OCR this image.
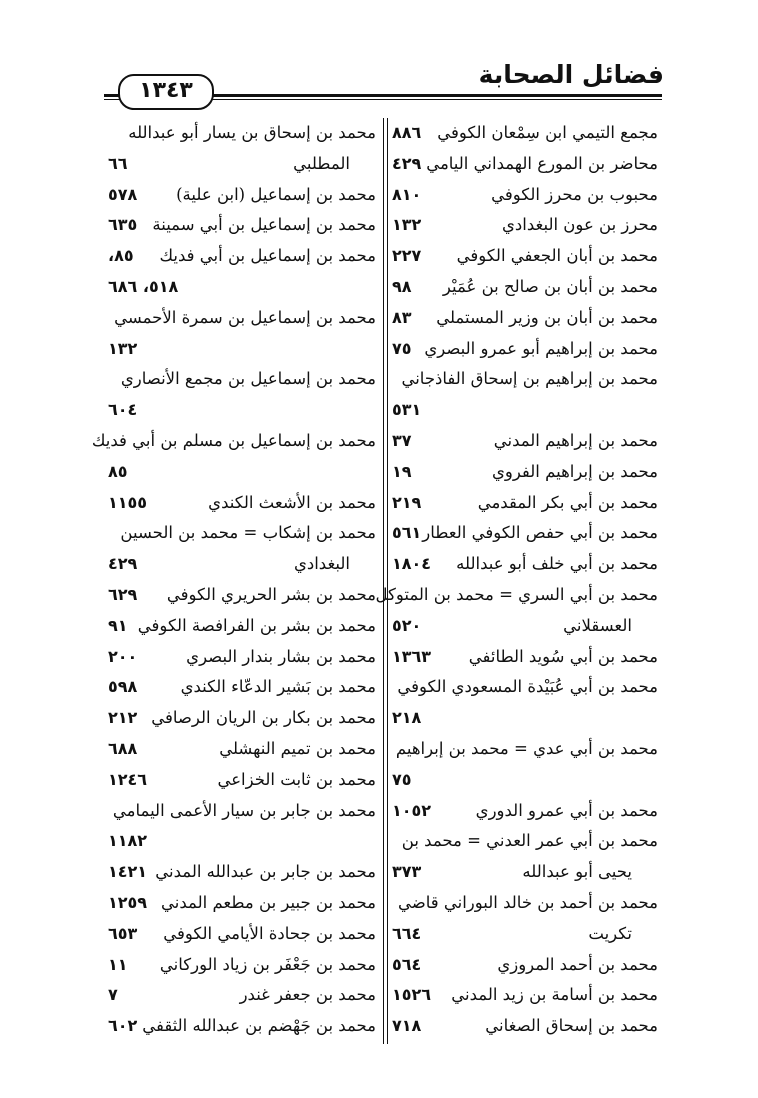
فضائل الصحابة
١٣٤٣
مجمع التيمي ابن سِمْعان الكوفي
٨٨٦
محاضر بن المورع الهمداني اليامي
٤٢٩
محبوب بن محرز الكوفي
٨١٠
محرز بن عون البغدادي
١٣٢
محمد بن أبان الجعفي الكوفي
٢٢٧
محمد بن أبان بن صالح بن عُمَيْر
٩٨
محمد بن أبان بن وزير المستملي
٨٣
محمد بن إبراهيم أبو عمرو البصري
٧٥
محمد بن إبراهيم بن إسحاق الفاذجاني
٥٣١
محمد بن إبراهيم المدني
٣٧
محمد بن إبراهيم الفروي
١٩
محمد بن أبي بكر المقدمي
٢١٩
محمد بن أبي حفص الكوفي العطار
٥٦١
محمد بن أبي خلف أبو عبدالله
١٨٠٤
محمد بن أبي السري = محمد بن المتوكل
العسقلاني
٥٢٠
محمد بن أبي سُويد الطائفي
١٣٦٣
محمد بن أبي عُبَيْدة المسعودي الكوفي
٢١٨
محمد بن أبي عدي = محمد بن إبراهيم
٧٥
محمد بن أبي عمرو الدوري
١٠٥٢
محمد بن أبي عمر العدني = محمد بن
يحيى أبو عبدالله
٣٧٣
محمد بن أحمد بن خالد البوراني قاضي
تكريت
٦٦٤
محمد بن أحمد المروزي
٥٦٤
محمد بن أسامة بن زيد المدني
١٥٢٦
محمد بن إسحاق الصغاني
٧١٨
محمد بن إسحاق بن يسار أبو عبدالله
المطلبي
٦٦
محمد بن إسماعيل (ابن علية)
٥٧٨
محمد بن إسماعيل بن أبي سمينة
٦٣٥
محمد بن إسماعيل بن أبي فديك
٨٥،
٥١٨، ٦٨٦
محمد بن إسماعيل بن سمرة الأحمسي
١٣٢
محمد بن إسماعيل بن مجمع الأنصاري
٦٠٤
محمد بن إسماعيل بن مسلم بن أبي فديك
٨٥
محمد بن الأشعث الكندي
١١٥٥
محمد بن إشكاب = محمد بن الحسين
البغدادي
٤٢٩
محمد بن بشر الحريري الكوفي
٦٢٩
محمد بن بشر بن الفرافصة الكوفي
٩١
محمد بن بشار بندار البصري
٢٠٠
محمد بن بَشير الدعّاء الكندي
٥٩٨
محمد بن بكار بن الريان الرصافي
٢١٢
محمد بن تميم النهشلي
٦٨٨
محمد بن ثابت الخزاعي
١٢٤٦
محمد بن جابر بن سيار الأعمى اليمامي
١١٨٢
محمد بن جابر بن عبدالله المدني
١٤٢١
محمد بن جبير بن مطعم المدني
١٢٥٩
محمد بن جحادة الأيامي الكوفي
٦٥٣
محمد بن جَعْفَر بن زياد الوركاني
١١
محمد بن جعفر غندر
٧
محمد بن جَهْضم بن عبدالله الثقفي
٦٠٢
